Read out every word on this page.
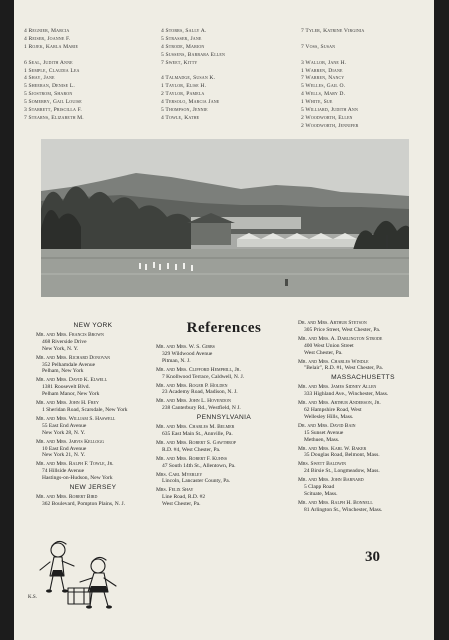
4 Regnier, Marcia
4 Reiser, Joanne F.
1 Rojek, Karla Marie

6 Seal, Judith Anne
1 Semple, Claudia Lea
4 Shay, Jane
5 Sheeran, Denise L.
5 Sjostrom, Sharon
5 Somerby, Gail Louise
3 Starrett, Priscilla F.
7 Stearns, Elizabeth M.
4 Storrs, Sally A.
5 Strasser, Jane
4 Strode, Marion
5 Sussens, Barbara Ellen
7 Sweet, Kitty

4 Talmadge, Susan K.
1 Taylor, Elise H.
2 Taylor, Pamela
4 Tersolo, Marcia Jane
5 Thompson, Jennie
4 Towle, Kathe
7 Tyler, Katrine Virginia

7 Voss, Susan

3 Wallob, Jane H.
1 Warren, Diane
7 Warren, Nancy
5 Welles, Gail O.
4 Wells, Mary D.
1 White, Sue
5 Williard, Judith Ann
2 Woodworth, Ellen
2 Woodworth, Jennifer
NEW YORK
Mr. and Mrs. Francis Brown
468 Riverside Drive
New York, N. Y.
Mr. and Mrs. Richard Donovan
352 Pelhamdale Avenue
Pelham, New York
Mr. and Mrs. David K. Elwell
1381 Roosevelt Blvd.
Pelham Manor, New York
Mr. and Mrs. John H. Frey
1 Sheridan Road, Scarsdale, New York
Mr. and Mrs. William S. Haswell
55 East End Avenue
New York 28, N. Y.
Mr. and Mrs. Jarvis Kellogg
10 East End Avenue
New York 21, N. Y.
Mr. and Mrs. Ralph F. Towle, Jr.
74 Hillside Avenue
Hastings-on-Hudson, New York
NEW JERSEY
Mr. and Mrs. Robert Bird
362 Boulevard, Pompton Plains, N. J.
References
Mr. and Mrs. W. S. Gibbs
329 Wildwood Avenue
Pitman, N. J.
Mr. and Mrs. Clifford Hemphill, Jr.
7 Knollwood Terrace, Caldwell, N. J.
Mr. and Mrs. Roger P. Holden
23 Academy Road, Madison, N. J.
Mr. and Mrs. John L. Hovendon
238 Canterbury Rd., Westfield, N J.
PENNSYLVANIA
Mr. and Mrs. Charles M. Belmer
635 East Main St., Annville, Pa.
Mr. and Mrs. Robert S. Gawthrop
R.D. #4, West Chester, Pa.
Mr. and Mrs. Robert F. Kuhns
47 South 14th St., Allentown, Pa.
Mrs. Carl Myerley
Lincoln, Lancaster County, Pa.
Mrs. Felix Shay
Line Road, R.D. #2
West Chester, Pa.
Dr. and Mrs. Arthur Stetson
305 Price Street, West Chester, Pa.
Mr. and Mrs. A. Darlington Strode
400 West Union Street
West Chester, Pa.
Mr. and Mrs. Charles Windle
"Belair", R.D. #1, West Chester, Pa.
MASSACHUSETTS
Mr. and Mrs. James Sidney Allen
333 Highland Ave., Winchester, Mass.
Mr. and Mrs. Arthur Anderson, Jr.
62 Hampshire Road, West
Wellesley Hills, Mass.
Dr. and Mrs. David Bain
15 Sunset Avenue
Methuen, Mass.
Mr. and Mrs. Karl W. Baker
35 Douglas Road, Belmont, Mass.
Mrs. Swett Baldwin
24 Birsie St., Longmeadow, Mass.
Mr. and Mrs. John Barnard
5 Clapp Road
Scituate, Mass.
Mr. and Mrs. Ralph H. Bonnell
81 Arlington St., Winchester, Mass.
K.S.
30
